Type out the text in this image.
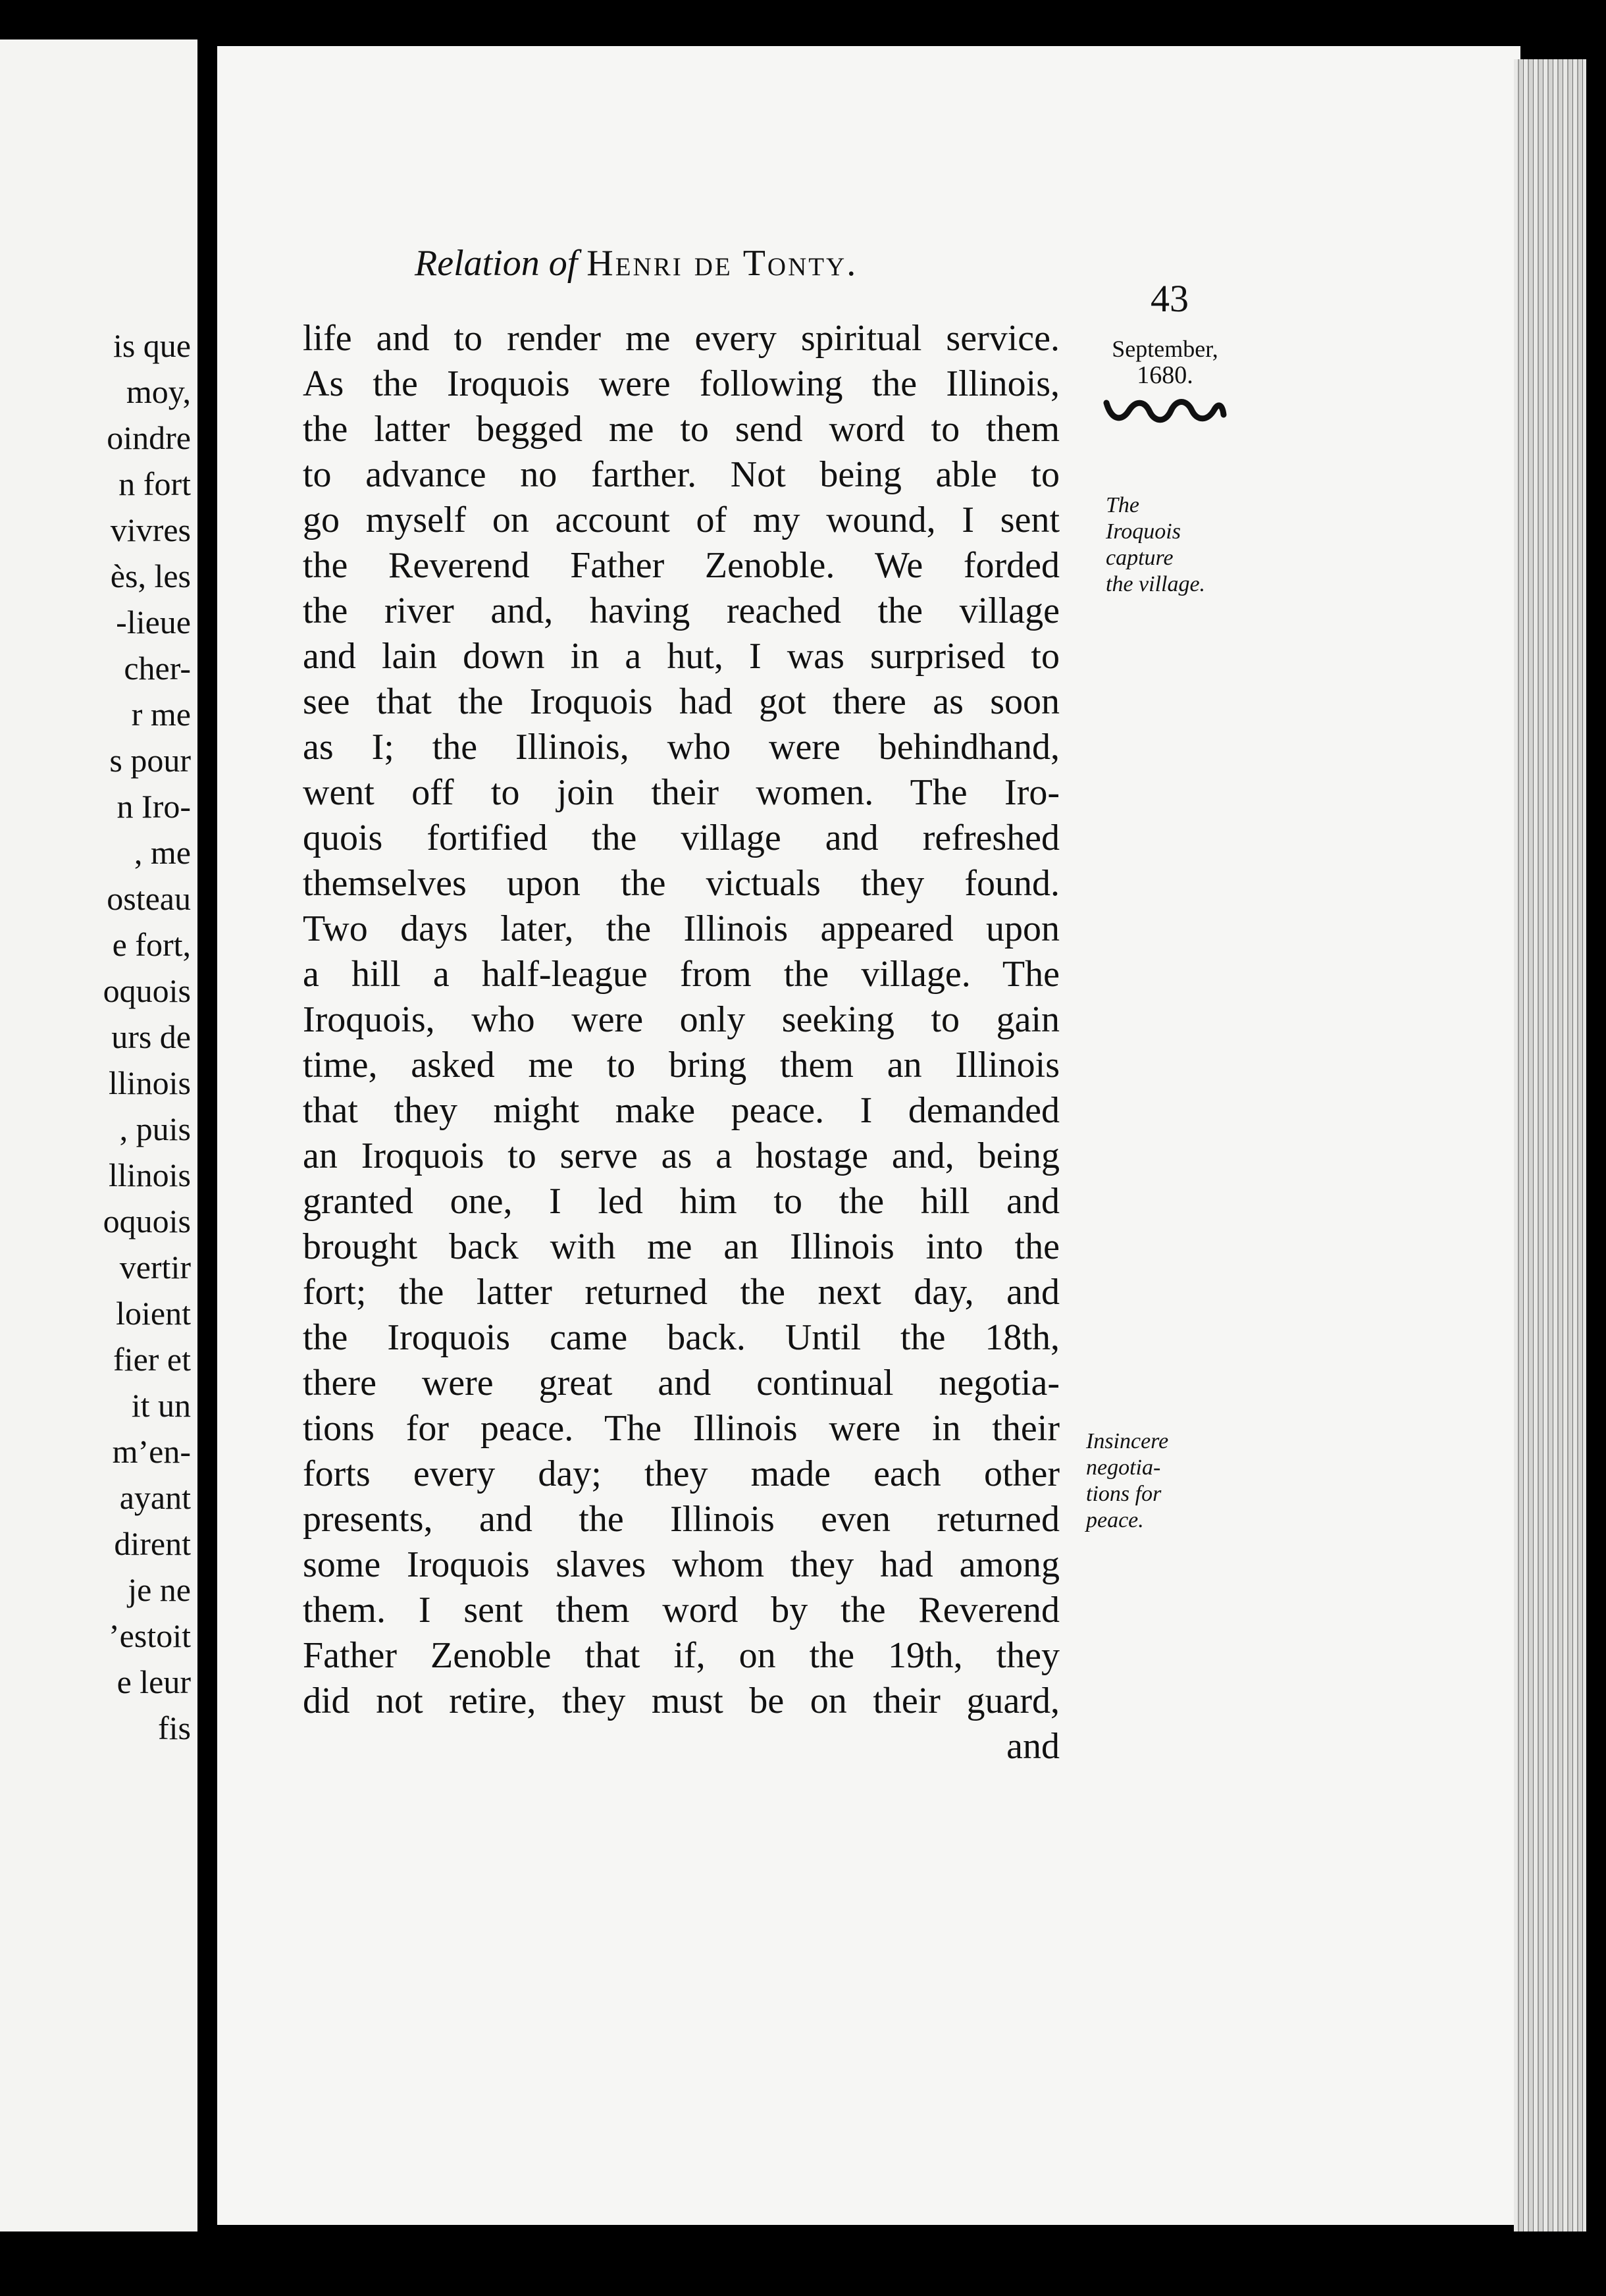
is que
moy,
oindre
n fort
vivres
ès, les
-lieue
cher-
r me
s pour
n Iro-
, me
osteau
e fort,
oquois
urs de
llinois
, puis
llinois
oquois
vertir
loient
fier et
it un
m’en-
ayant
dirent
je ne
’estoit
e leur
fis
Relation of Henri de Tonty.
43
September,
1680.
The
Iroquois
capture
the village.
Insincere
negotia-
tions for
peace.
life and to render me every spiritual service.
As the Iroquois were following the Illinois,
the latter begged me to send word to them
to advance no farther. Not being able to
go myself on account of my wound, I sent
the Reverend Father Zenoble. We forded
the river and, having reached the village
and lain down in a hut, I was surprised to
see that the Iroquois had got there as soon
as I; the Illinois, who were behindhand,
went off to join their women. The Iro-
quois fortified the village and refreshed
themselves upon the victuals they found.
Two days later, the Illinois appeared upon
a hill a half-league from the village. The
Iroquois, who were only seeking to gain
time, asked me to bring them an Illinois
that they might make peace. I demanded
an Iroquois to serve as a hostage and, being
granted one, I led him to the hill and
brought back with me an Illinois into the
fort; the latter returned the next day, and
the Iroquois came back. Until the 18th,
there were great and continual negotia-
tions for peace. The Illinois were in their
forts every day; they made each other
presents, and the Illinois even returned
some Iroquois slaves whom they had among
them. I sent them word by the Reverend
Father Zenoble that if, on the 19th, they
did not retire, they must be on their guard,
and
